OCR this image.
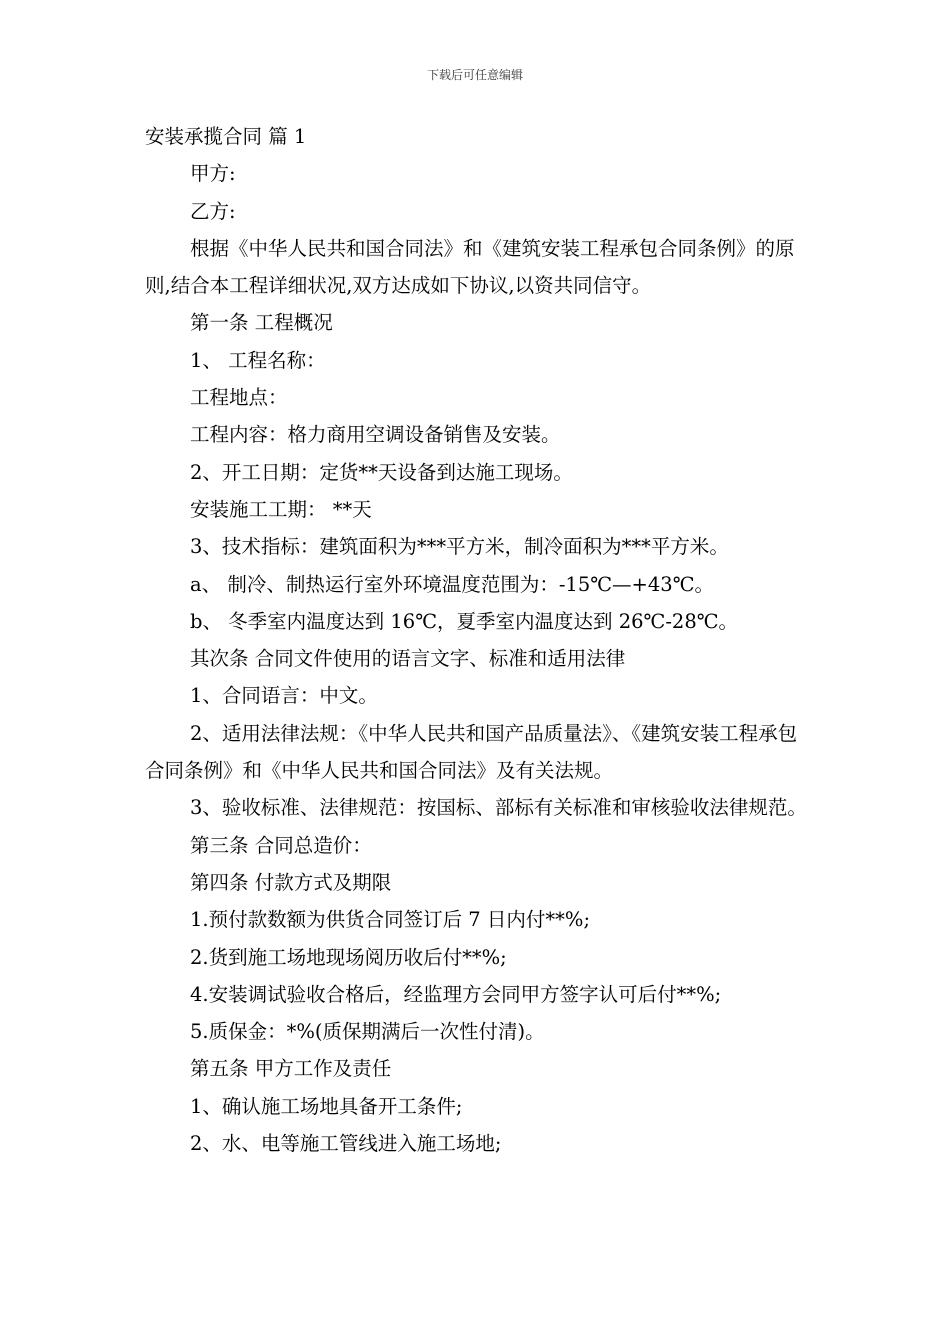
下载后可任意编辑

安装承揽合同 篇 1

甲方:

乙方:

根据《中华人民共和国合同法》和《建筑安装工程承包合同条例》的原则,结合本工程详细状况,双方达成如下协议,以资共同信守。

第一条 工程概况

1、 工程名称：

工程地点：

工程内容：格力商用空调设备销售及安装。

2、开工日期：定货**天设备到达施工现场。

安装施工工期： **天

3、技术指标：建筑面积为***平方米，制冷面积为***平方米。

a、 制冷、制热运行室外环境温度范围为：-15℃—+43℃。

b、 冬季室内温度达到 16℃，夏季室内温度达到 26℃-28℃。

其次条 合同文件使用的语言文字、标准和适用法律

1、合同语言：中文。

2、适用法律法规：《中华人民共和国产品质量法》、《建筑安装工程承包合同条例》和《中华人民共和国合同法》及有关法规。

3、验收标准、法律规范：按国标、部标有关标准和审核验收法律规范。

第三条 合同总造价：

第四条 付款方式及期限

1.预付款数额为供货合同签订后 7 日内付**%;

2.货到施工场地现场阅历收后付**%;

4.安装调试验收合格后，经监理方会同甲方签字认可后付**%;

5.质保金：*%(质保期满后一次性付清)。

第五条 甲方工作及责任

1、确认施工场地具备开工条件;

2、水、电等施工管线进入施工场地;
